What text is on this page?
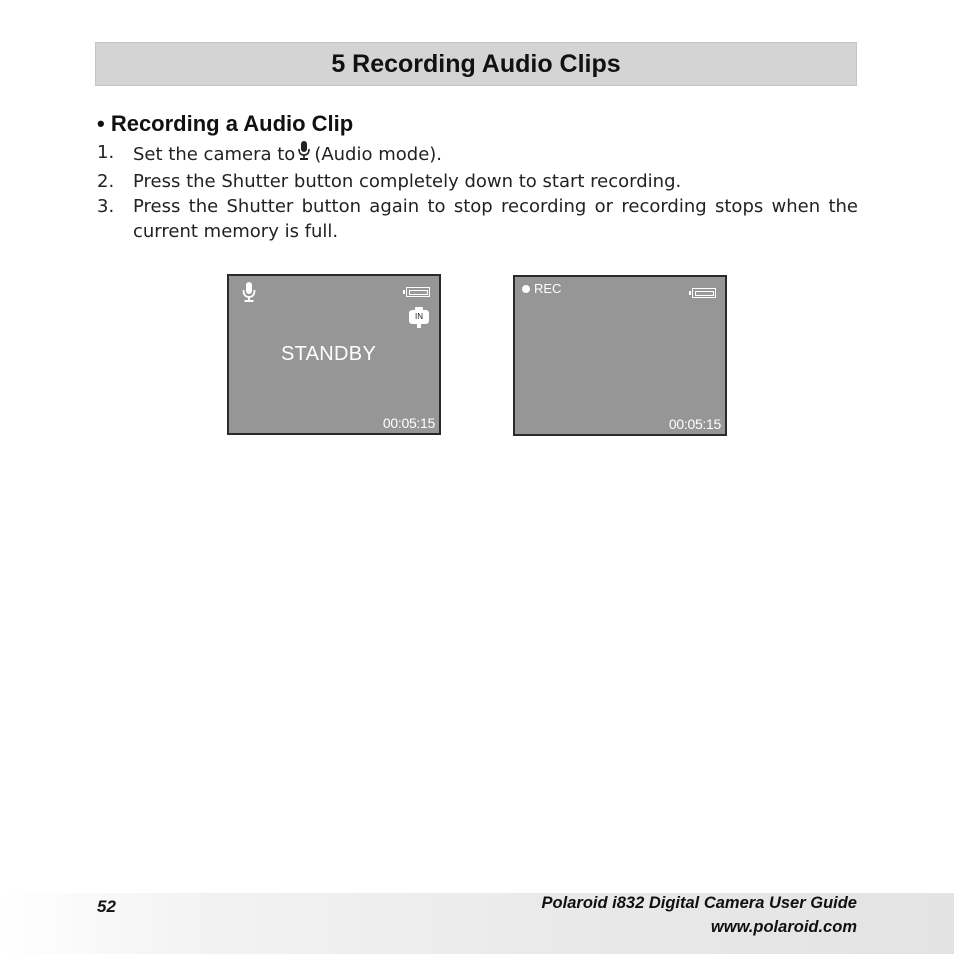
5 Recording Audio Clips
• Recording a Audio Clip
1.	Set the camera to (Audio mode).
2.	Press the Shutter button completely down to start recording.
3.	Press the Shutter button again to stop recording or recording stops when the current memory is full.
IN
STANDBY
00:05:15
REC
00:05:15
52	Polaroid i832 Digital Camera User Guide
www.polaroid.com
